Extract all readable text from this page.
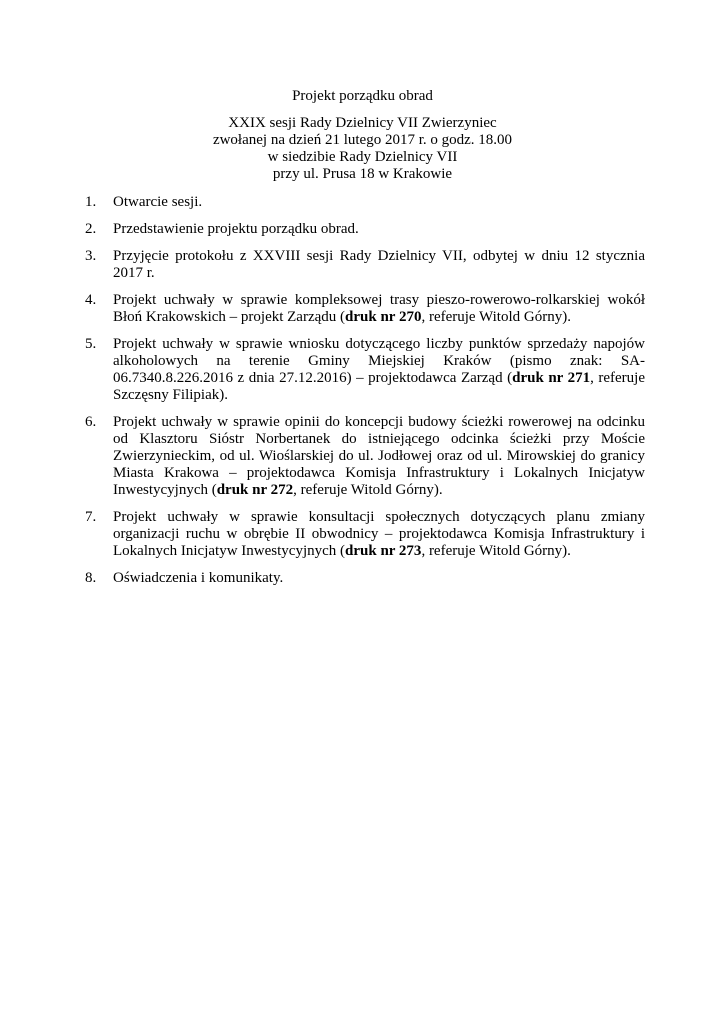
Projekt porządku obrad

XXIX sesji Rady Dzielnicy VII Zwierzyniec

zwołanej na dzień 21 lutego 2017 r. o godz. 18.00

w siedzibie Rady Dzielnicy VII

przy ul. Prusa 18 w Krakowie

1. Otwarcie sesji.
2. Przedstawienie projektu porządku obrad.
3. Przyjęcie protokołu z XXVIII sesji Rady Dzielnicy VII, odbytej w dniu 12 stycznia 2017 r.
4. Projekt uchwały w sprawie kompleksowej trasy pieszo-rowerowo-rolkarskiej wokół Błoń Krakowskich – projekt Zarządu (druk nr 270, referuje Witold Górny).
5. Projekt uchwały w sprawie wniosku dotyczącego liczby punktów sprzedaży napojów alkoholowych na terenie Gminy Miejskiej Kraków (pismo znak: SA-06.7340.8.226.2016 z dnia 27.12.2016) – projektodawca Zarząd (druk nr 271, referuje Szczęsny Filipiak).
6. Projekt uchwały w sprawie opinii do koncepcji budowy ścieżki rowerowej na odcinku od Klasztoru Sióstr Norbertanek do istniejącego odcinka ścieżki przy Moście Zwierzynieckim, od ul. Wioślarskiej do ul. Jodłowej oraz od ul. Mirowskiej do granicy Miasta Krakowa – projektodawca Komisja Infrastruktury i Lokalnych Inicjatyw Inwestycyjnych (druk nr 272, referuje Witold Górny).
7. Projekt uchwały w sprawie konsultacji społecznych dotyczących planu zmiany organizacji ruchu w obrębie II obwodnicy – projektodawca Komisja Infrastruktury i Lokalnych Inicjatyw Inwestycyjnych (druk nr 273, referuje Witold Górny).
8. Oświadczenia i komunikaty.
